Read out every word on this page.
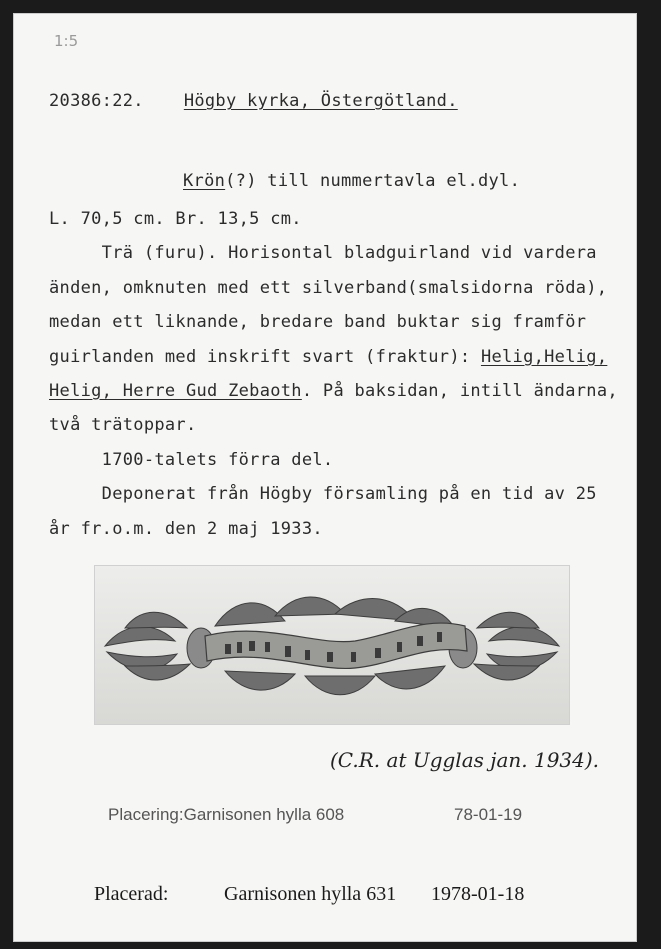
1:5
20386:22. Högby kyrka, Östergötland.
Krön(?) till nummertavla el.dyl.
L. 70,5 cm. Br. 13,5 cm.
Trä (furu). Horisontal bladguirland vid vardera
änden, omknuten med ett silverband(smalsidorna röda),
medan ett liknande, bredare band buktar sig framför
guirlanden med inskrift svart (fraktur): Helig,Helig,
Helig, Herre Gud Zebaoth. På baksidan, intill ändarna,
två trätoppar.
1700-talets förra del.
Deponerat från Högby församling på en tid av 25
år fr.o.m. den 2 maj 1933.
(C.R. at Ugglas jan. 1934).
Placering:Garnisonen hylla 608	78-01-19
Placerad:	Garnisonen hylla 631 1978-01-18
